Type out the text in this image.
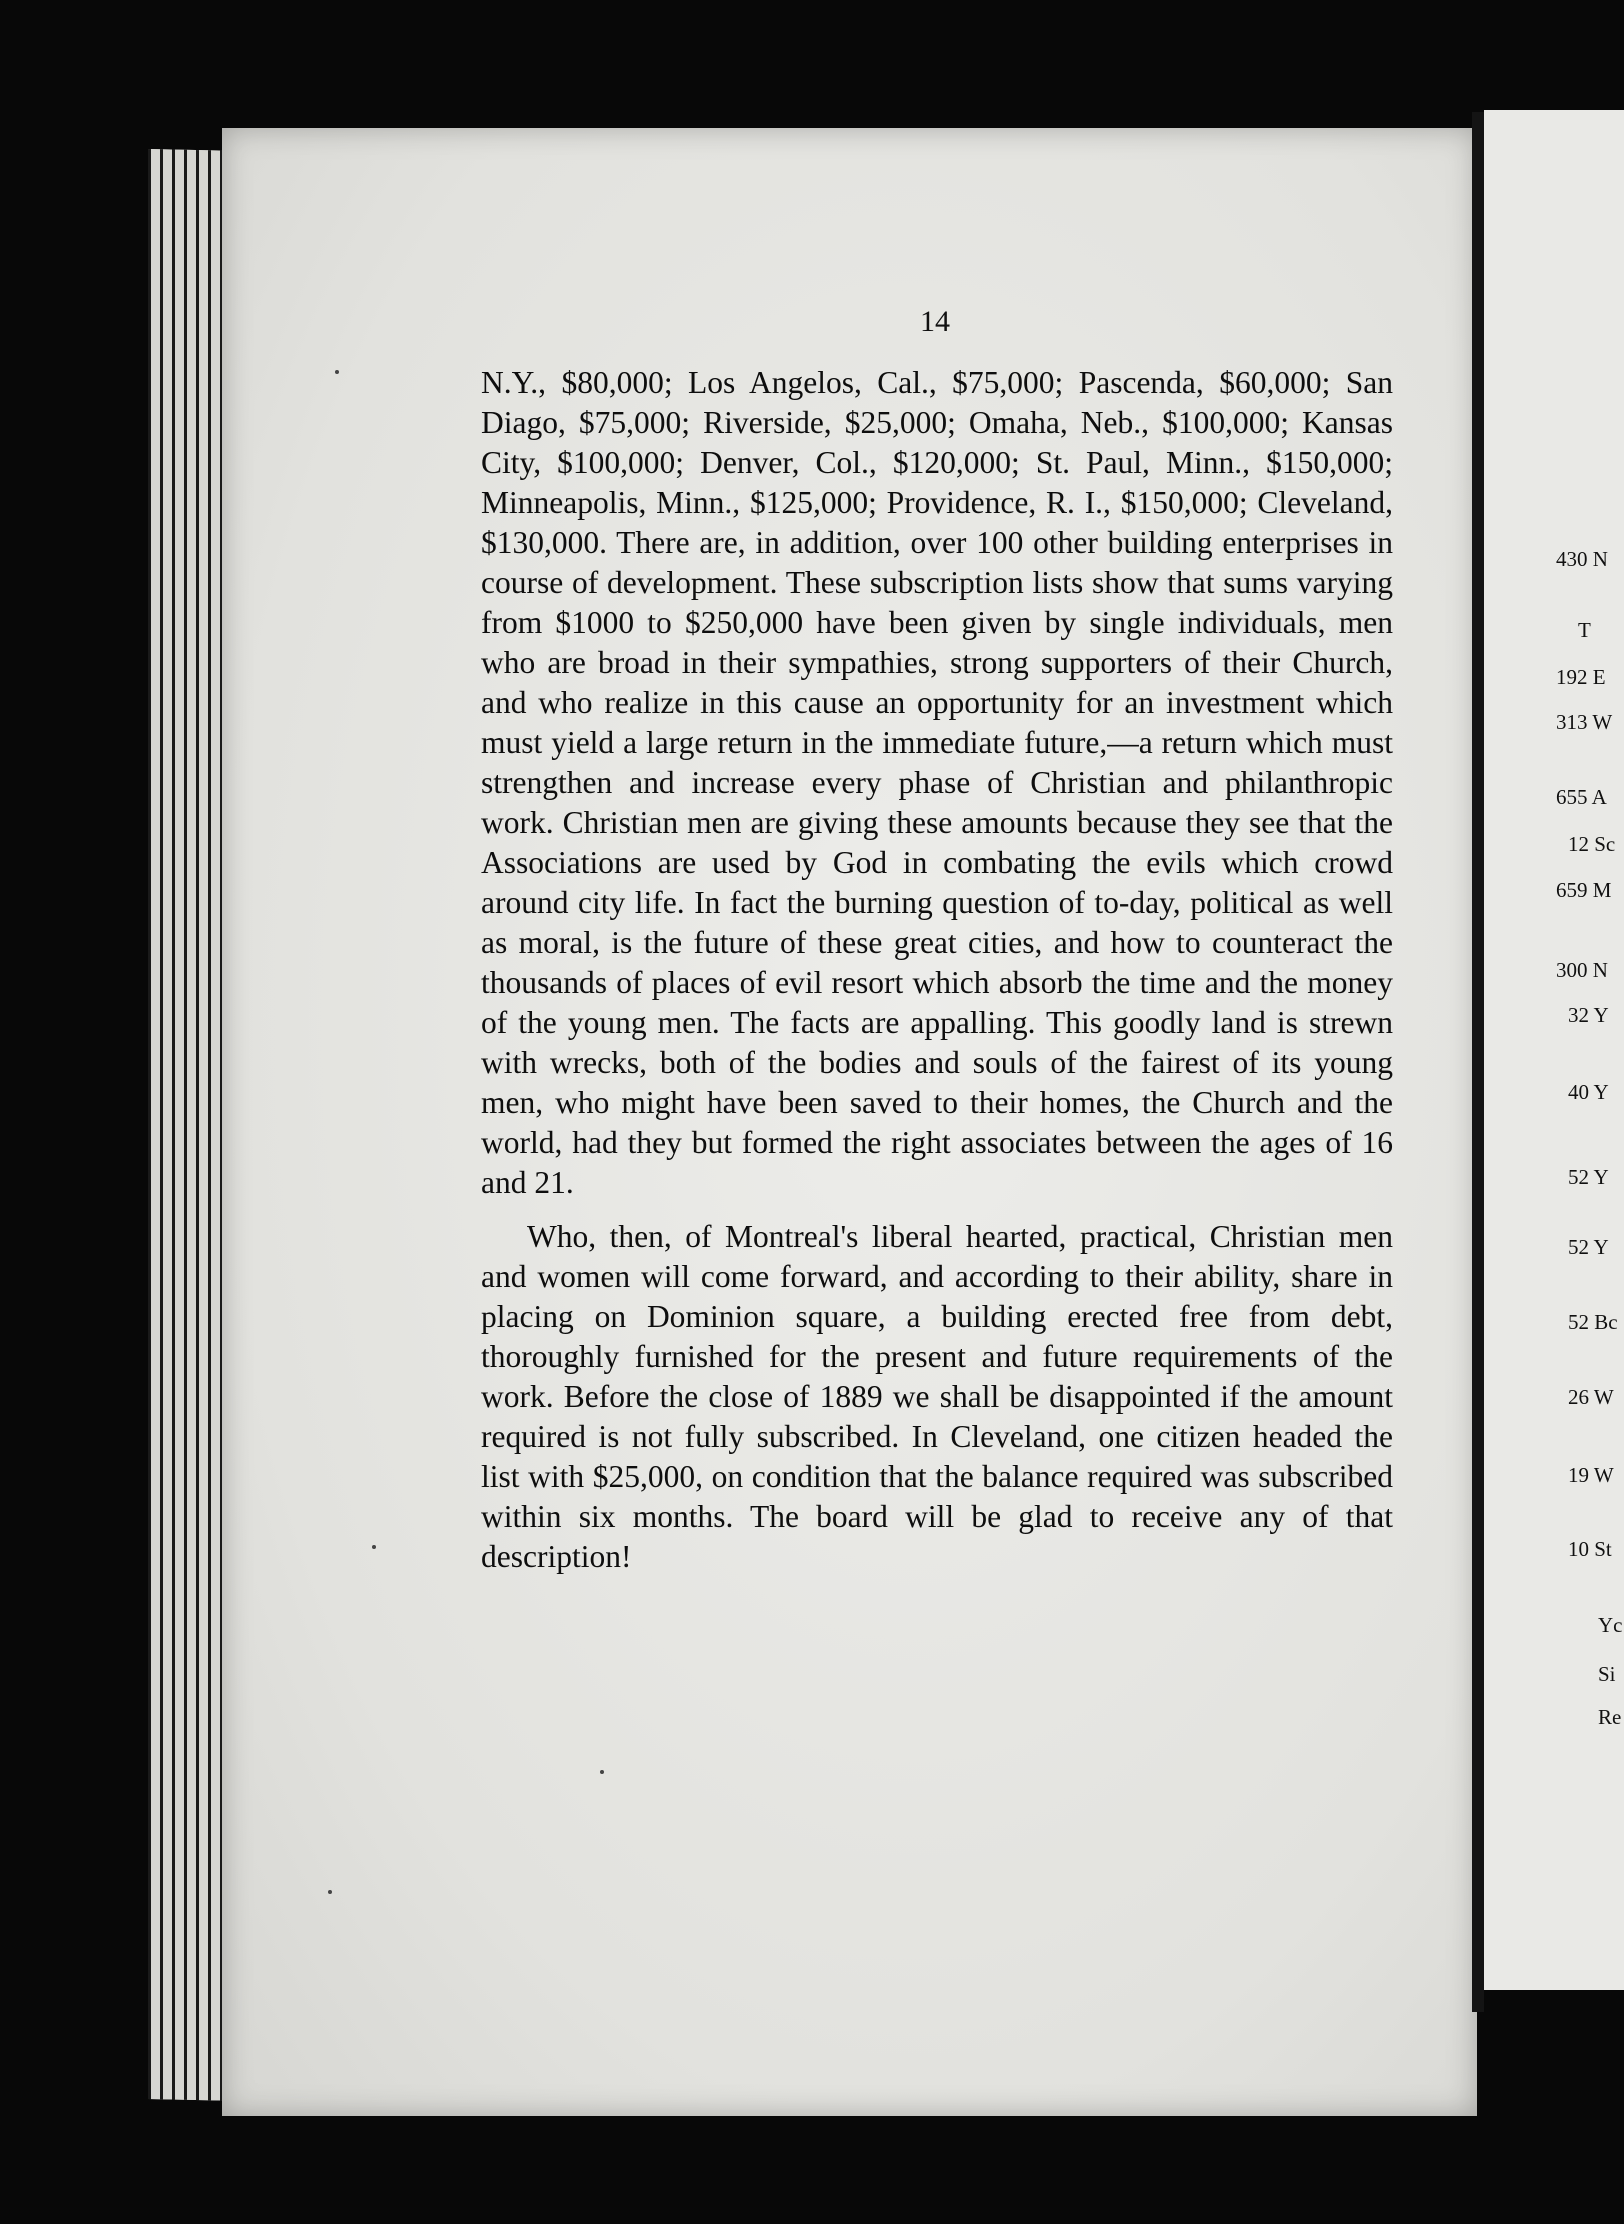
14

N.Y., $80,000; Los Angelos, Cal., $75,000; Pascenda, $60,000; San Diago, $75,000; Riverside, $25,000; Omaha, Neb., $100,000; Kansas City, $100,000; Denver, Col., $120,000; St. Paul, Minn., $150,000; Minneapolis, Minn., $125,000; Providence, R. I., $150,000; Cleveland, $130,000. There are, in addition, over 100 other building enterprises in course of development. These subscription lists show that sums varying from $1000 to $250,000 have been given by single individuals, men who are broad in their sympathies, strong supporters of their Church, and who realize in this cause an opportunity for an investment which must yield a large return in the immediate future,—a return which must strengthen and increase every phase of Christian and philanthropic work. Christian men are giving these amounts because they see that the Associations are used by God in combating the evils which crowd around city life. In fact the burning question of to-day, political as well as moral, is the future of these great cities, and how to counteract the thousands of places of evil resort which absorb the time and the money of the young men. The facts are appalling. This goodly land is strewn with wrecks, both of the bodies and souls of the fairest of its young men, who might have been saved to their homes, the Church and the world, had they but formed the right associates between the ages of 16 and 21.

Who, then, of Montreal's liberal hearted, practical, Christian men and women will come forward, and according to their ability, share in placing on Dominion square, a building erected free from debt, thoroughly furnished for the present and future requirements of the work. Before the close of 1889 we shall be disappointed if the amount required is not fully subscribed. In Cleveland, one citizen headed the list with $25,000, on condition that the balance required was subscribed within six months. The board will be glad to receive any of that description!

430 N
T
192 E
313 W
655 A
12 Sc
659 M
300 N
32 Y
40 Y
52 Y
52 Y
52 Bc
26 W
19 W
10 St
Yc
Si
Re
